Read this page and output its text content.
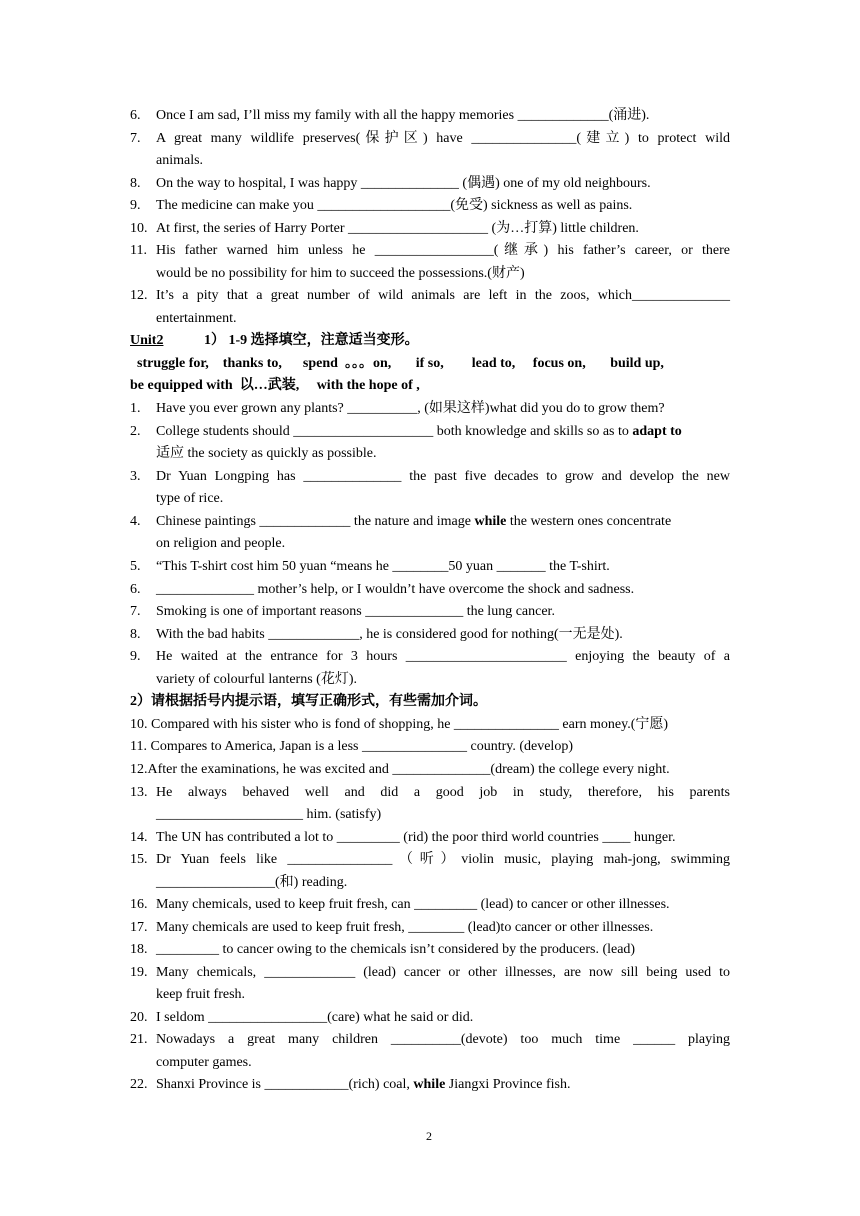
6. Once I am sad, I’ll miss my family with all the happy memories _____________(涌进).
7. A great many wildlife preserves(保护区) have _______________(建立) to protect wild
animals.
8. On the way to hospital, I was happy ______________ (偶遇) one of my old neighbours.
9. The medicine can make you ___________________(免受) sickness as well as pains.
10. At first, the series of Harry Porter ____________________ (为…打算) little children.
11. His father warned him unless he _________________(继承) his father’s career, or there
would be no possibility for him to succeed the possessions.(财产)
12. It’s a pity that a great number of wild animals are left in the zoos, which______________
entertainment.
9. He waited at the entrance for 3 hours _______________________ enjoying the beauty of a
variety of colourful lanterns (花灯).
Unit2	1） 1-9 选择填空，注意适当变形。
struggle for,    thanks to,      spend  。。。on,       if so,        lead to,     focus on,       build up,
be equipped with  以…武装,     with the hope of ,
1. Have you ever grown any plants? __________, (如果这样)what did you do to grow them?
2. College students should ____________________ both knowledge and skills so as to adapt to
适应 the society as quickly as possible.
3. Dr Yuan Longping has ______________ the past five decades to grow and develop the new
type of rice.
4. Chinese paintings _____________ the nature and image while the western ones concentrate
on religion and people.
5. “This T-shirt cost him 50 yuan “means he ________50 yuan _______ the T-shirt.
6. ______________ mother’s help, or I wouldn’t have overcome the shock and sadness.
7. Smoking is one of important reasons ______________ the lung cancer.
8. With the bad habits _____________, he is considered good for nothing(一无是处).
2）请根据括号内提示语，填写正确形式，有些需加介词。
10. Compared with his sister who is fond of shopping, he _______________ earn money.(宁愿)
11. Compares to America, Japan is a less _______________ country. (develop)
12.After the examinations, he was excited and ______________(dream) the college every night.
13. He always behaved well and did a good job in study, therefore, his parents
_____________________ him. (satisfy)
14. The UN has contributed a lot to _________ (rid) the poor third world countries ____ hunger.
15. Dr Yuan feels like _______________（听）violin music, playing mah-jong, swimming
_________________(和) reading.
16. Many chemicals, used to keep fruit fresh, can _________ (lead) to cancer or other illnesses.
17. Many chemicals are used to keep fruit fresh, ________ (lead)to cancer or other illnesses.
18. _________ to cancer owing to the chemicals isn’t considered by the producers. (lead)
19. Many chemicals, _____________ (lead) cancer or other illnesses, are now sill being used to
keep fruit fresh.
20. I seldom _________________(care) what he said or did.
21. Nowadays a great many children __________(devote) too much time ______ playing
computer games.
22. Shanxi Province is ____________(rich) coal, while Jiangxi Province fish.
2
